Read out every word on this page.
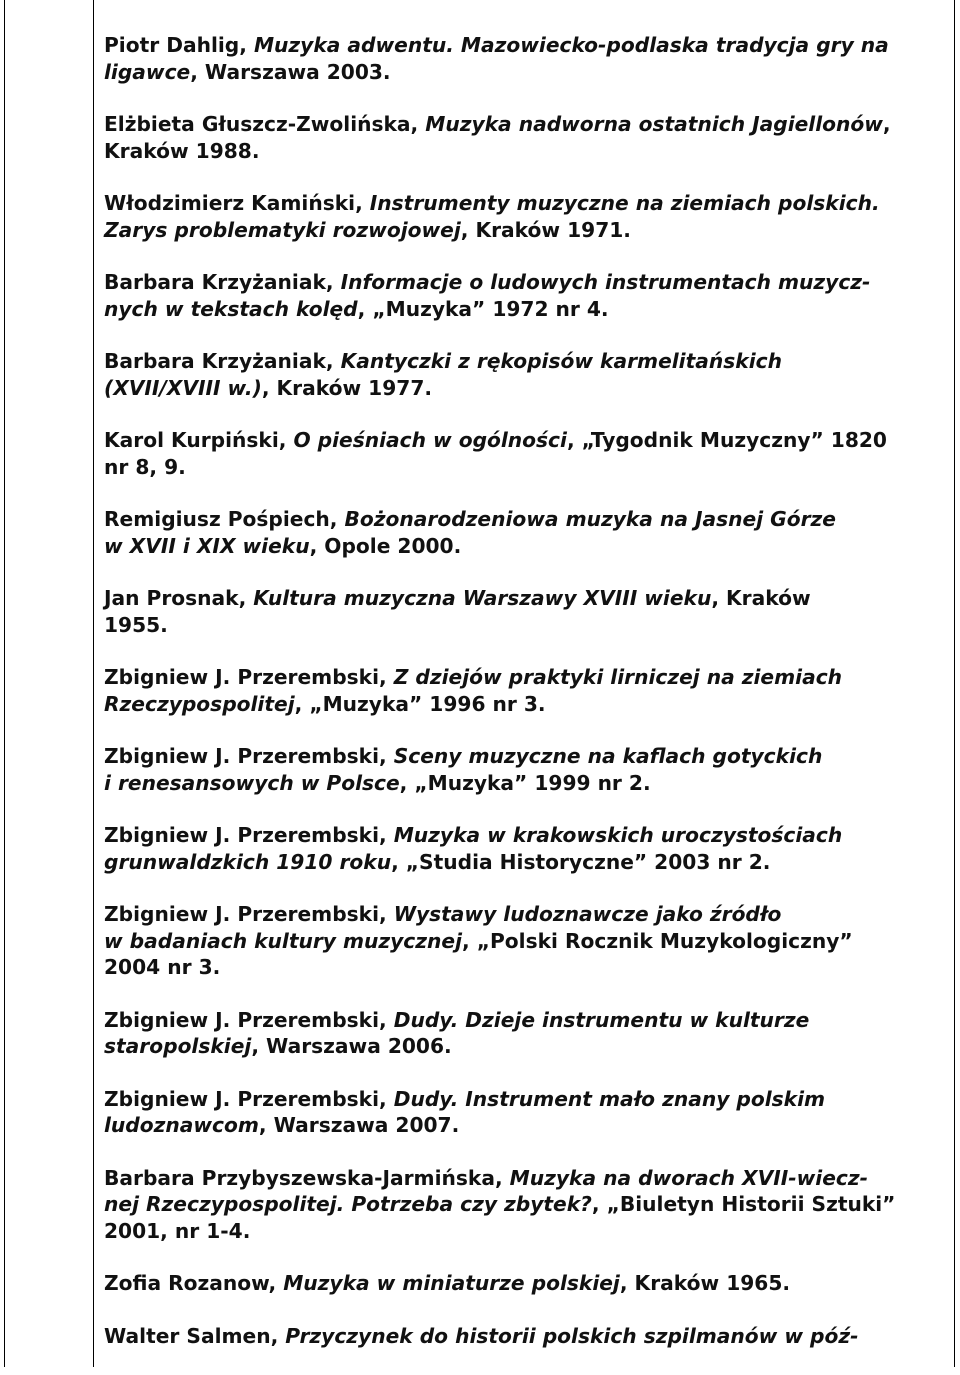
Piotr Dahlig, Muzyka adwentu. Mazowiecko-podlaska tradycja gry na
ligawce, Warszawa 2003.

Elżbieta Głuszcz-Zwolińska, Muzyka nadworna ostatnich Jagiellonów,
Kraków 1988.

Włodzimierz Kamiński, Instrumenty muzyczne na ziemiach polskich.
Zarys problematyki rozwojowej, Kraków 1971.

Barbara Krzyżaniak, Informacje o ludowych instrumentach muzycz-
nych w tekstach kolęd, „Muzyka” 1972 nr 4.

Barbara Krzyżaniak, Kantyczki z rękopisów karmelitańskich
(XVII/XVIII w.), Kraków 1977.

Karol Kurpiński, O pieśniach w ogólności, „Tygodnik Muzyczny” 1820
nr 8, 9.

Remigiusz Pośpiech, Bożonarodzeniowa muzyka na Jasnej Górze
w XVII i XIX wieku, Opole 2000.

Jan Prosnak, Kultura muzyczna Warszawy XVIII wieku, Kraków
1955.

Zbigniew J. Przerembski, Z dziejów praktyki lirniczej na ziemiach
Rzeczypospolitej, „Muzyka” 1996 nr 3.

Zbigniew J. Przerembski, Sceny muzyczne na kaflach gotyckich
i renesansowych w Polsce, „Muzyka” 1999 nr 2.

Zbigniew J. Przerembski, Muzyka w krakowskich uroczystościach
grunwaldzkich 1910 roku, „Studia Historyczne” 2003 nr 2.

Zbigniew J. Przerembski, Wystawy ludoznawcze jako źródło
w badaniach kultury muzycznej, „Polski Rocznik Muzykologiczny”
2004 nr 3.

Zbigniew J. Przerembski, Dudy. Dzieje instrumentu w kulturze
staropolskiej, Warszawa 2006.

Zbigniew J. Przerembski, Dudy. Instrument mało znany polskim
ludoznawcom, Warszawa 2007.

Barbara Przybyszewska-Jarmińska, Muzyka na dworach XVII-wiecz-
nej Rzeczypospolitej. Potrzeba czy zbytek?, „Biuletyn Historii Sztuki”
2001, nr 1-4.

Zofia Rozanow, Muzyka w miniaturze polskiej, Kraków 1965.

Walter Salmen, Przyczynek do historii polskich szpilmanów w póź-
